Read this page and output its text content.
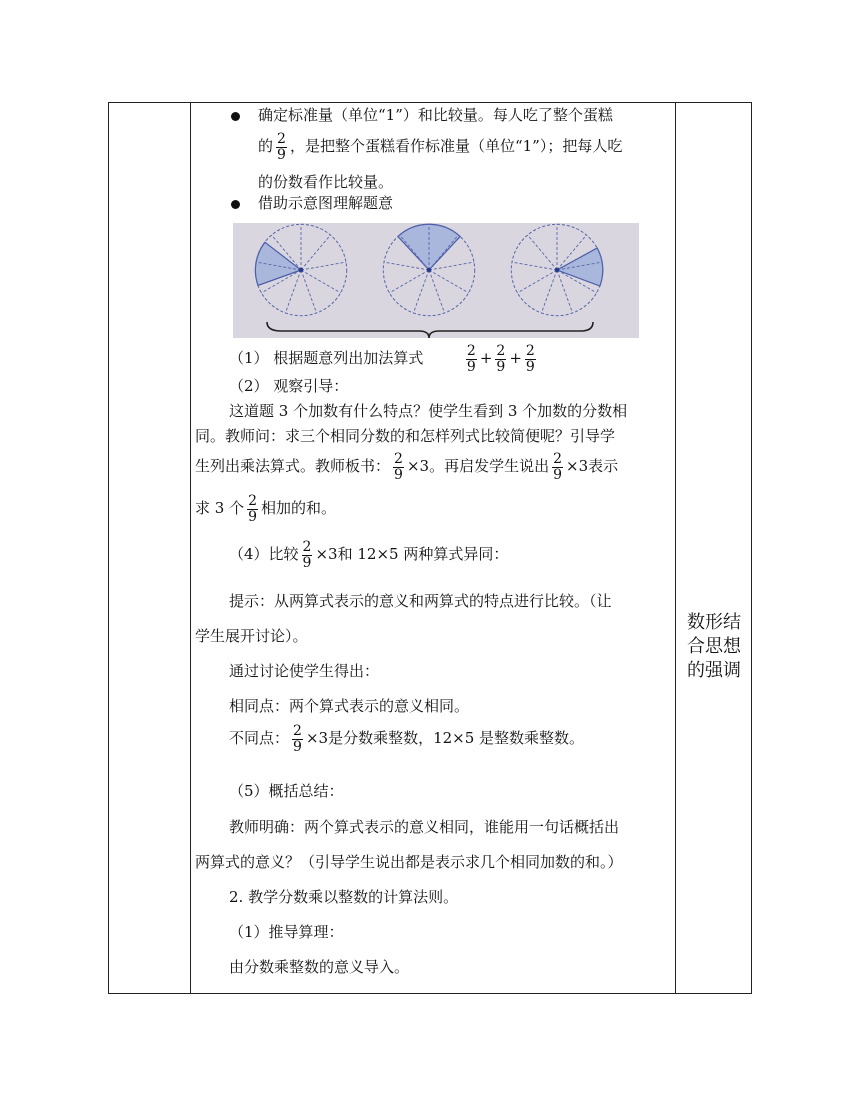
确定标准量（单位“1”）和比较量。每人吃了整个蛋糕
的 $\frac{2}{9}$ ，是把整个蛋糕看作标准量（单位“1”）；把每人吃
的份数看作比较量。
借助示意图理解题意
（1） 根据题意列出加法算式	$\frac{2}{9} + \frac{2}{9} + \frac{2}{9}$
（2） 观察引导：
这道题 3 个加数有什么特点？使学生看到 3 个加数的分数相
同。教师问：求三个相同分数的和怎样列式比较简便呢？引导学
生列出乘法算式。教师板书： $\frac{2}{9} \times 3$。再启发学生说出 $\frac{2}{9} \times 3$表示
求 3 个 $\frac{2}{9}$ 相加的和。
（4）比较 $\frac{2}{9} \times 3$和 12×5 两种算式异同：
提示：从两算式表示的意义和两算式的特点进行比较。（让
学生展开讨论）。
通过讨论使学生得出：
相同点：两个算式表示的意义相同。
不同点： $\frac{2}{9} \times 3$是分数乘整数，12×5 是整数乘整数。
（5）概括总结：
教师明确：两个算式表示的意义相同，谁能用一句话概括出
两算式的意义？（引导学生说出都是表示求几个相同加数的和。）
2. 教学分数乘以整数的计算法则。
（1）推导算理：
由分数乘整数的意义导入。
数形结
合思想
的强调
